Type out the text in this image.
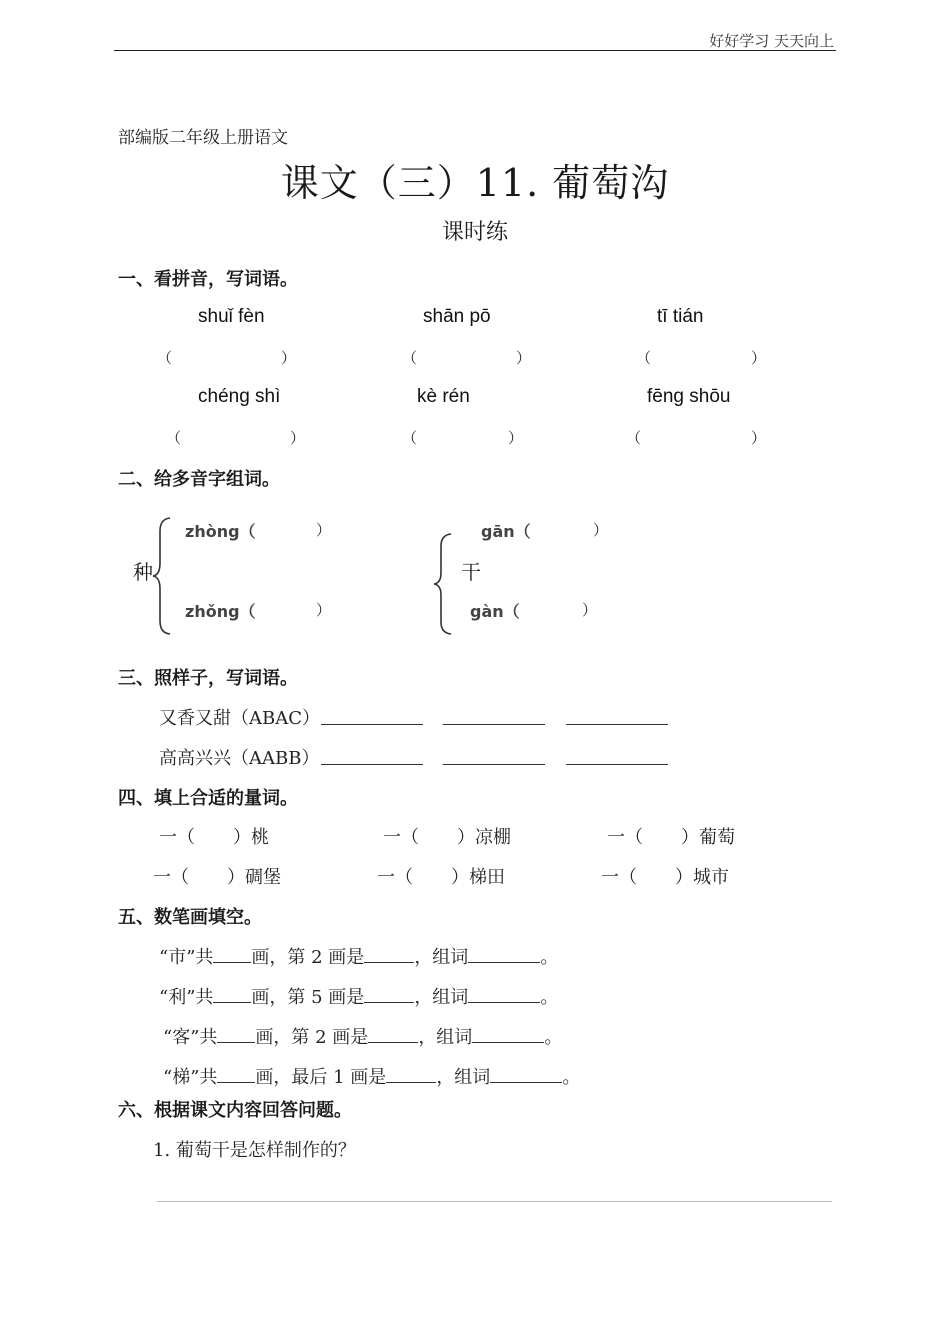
好好学习 天天向上
部编版二年级上册语文
课文（三）11. 葡萄沟
课时练
一、看拼音，写词语。
shuǐ fèn	shān pō	tī tián
（	）	（	）	（	）
chéng shì	kè rén	fēng shōu
（	）	（	）	（	）
二、给多音字组词。
种
zhòng（	）
zhǒng（	）
干
gān（	）
gàn（	）
三、照样子，写词语。
又香又甜（ABAC）
高高兴兴（AABB）
四、填上合适的量词。
一（ ）桃	一（ ）凉棚	一（ ）葡萄
一（ ）碉堡	一（ ）梯田	一（ ）城市
五、数笔画填空。
“市”共 画，第 2 画是	，组词	。
“利”共 画，第 5 画是	，组词	。
“客”共 画，第 2 画是	，组词	。
“梯”共 画，最后 1 画是	，组词	。
六、根据课文内容回答问题。
1. 葡萄干是怎样制作的？
